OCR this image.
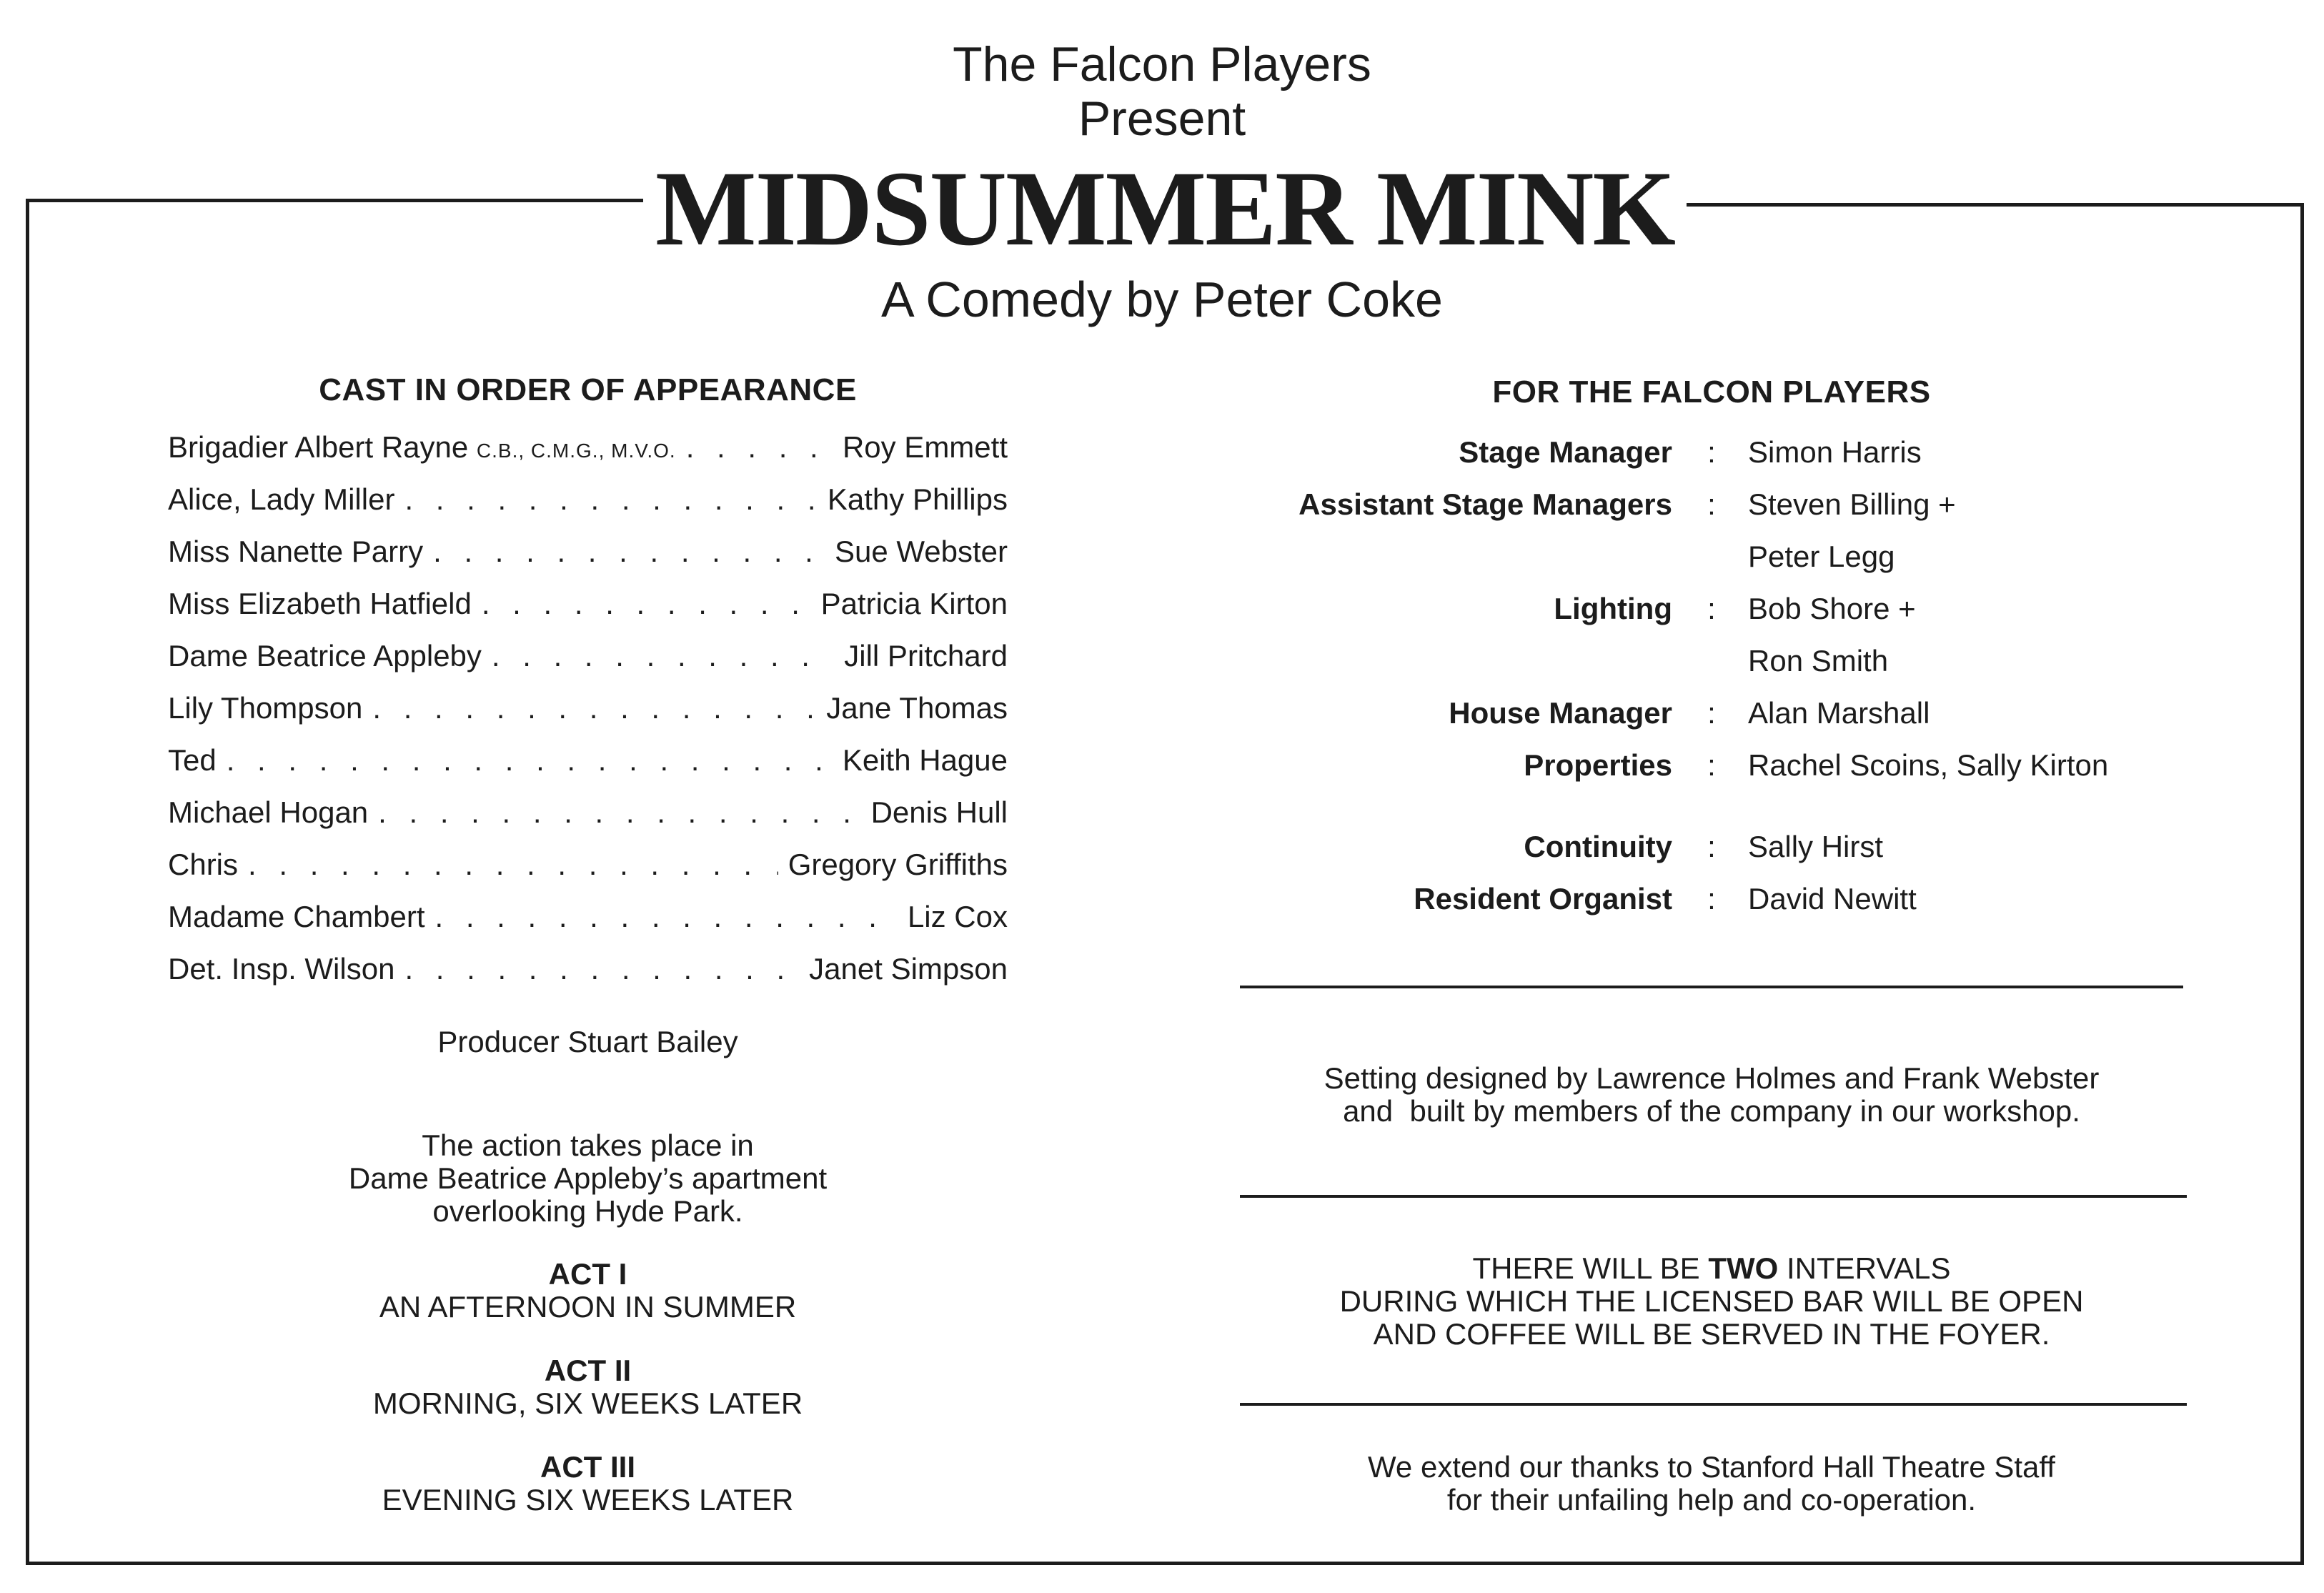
The Falcon Players
Present
MIDSUMMER MINK
A Comedy by Peter Coke
CAST IN ORDER OF APPEARANCE
Brigadier Albert Rayne C.B., C.M.G., M.V.O. . . .	Roy Emmett
Alice, Lady Miller . . .	Kathy Phillips
Miss Nanette Parry . . .	Sue Webster
Miss Elizabeth Hatfield . . .	Patricia Kirton
Dame Beatrice Appleby . . .	Jill Pritchard
Lily Thompson . . .	Jane Thomas
Ted . . .	Keith Hague
Michael Hogan . . .	Denis Hull
Chris . . .	Gregory Griffiths
Madame Chambert . . .	Liz Cox
Det. Insp. Wilson . . .	Janet Simpson
Producer Stuart Bailey
The action takes place in
Dame Beatrice Appleby’s apartment
overlooking Hyde Park.
ACT I
AN AFTERNOON IN SUMMER
ACT II
MORNING, SIX WEEKS LATER
ACT III
EVENING SIX WEEKS LATER
FOR THE FALCON PLAYERS
Stage Manager : Simon Harris
Assistant Stage Managers : Steven Billing +
Peter Legg
Lighting : Bob Shore +
Ron Smith
House Manager : Alan Marshall
Properties : Rachel Scoins, Sally Kirton
Continuity : Sally Hirst
Resident Organist : David Newitt
Setting designed by Lawrence Holmes and Frank Webster
and  built by members of the company in our workshop.
THERE WILL BE TWO INTERVALS
DURING WHICH THE LICENSED BAR WILL BE OPEN
AND COFFEE WILL BE SERVED IN THE FOYER.
We extend our thanks to Stanford Hall Theatre Staff
for their unfailing help and co-operation.
